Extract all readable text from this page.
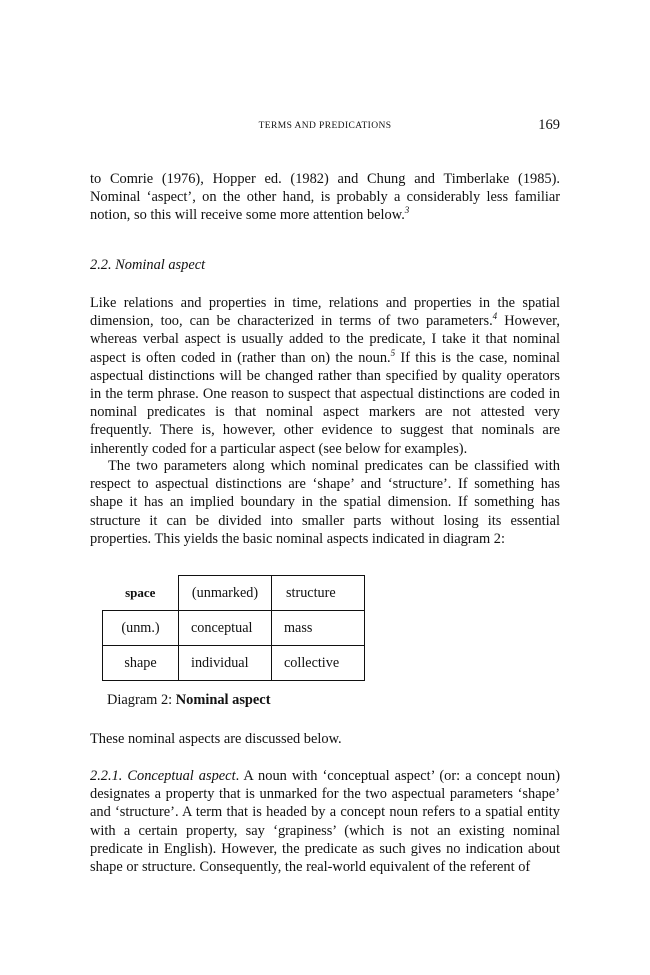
TERMS AND PREDICATIONS	169

to Comrie (1976), Hopper ed. (1982) and Chung and Timberlake (1985). Nominal ‘aspect’, on the other hand, is probably a considerably less familiar notion, so this will receive some more attention below.$^3$

2.2. Nominal aspect

Like relations and properties in time, relations and properties in the spatial dimension, too, can be characterized in terms of two parameters.$^4$ However, whereas verbal aspect is usually added to the predicate, I take it that nominal aspect is often coded in (rather than on) the noun.$^5$ If this is the case, nominal aspectual distinctions will be changed rather than specified by quality operators in the term phrase. One reason to suspect that aspectual distinctions are coded in nominal predicates is that nominal aspect markers are not attested very frequently. There is, however, other evidence to suggest that nominals are inherently coded for a particular aspect (see below for examples).

The two parameters along which nominal predicates can be classified with respect to aspectual distinctions are ‘shape’ and ‘structure’. If something has shape it has an implied boundary in the spatial dimension. If something has structure it can be divided into smaller parts without losing its essential properties. This yields the basic nominal aspects indicated in diagram 2:

space	(unmarked)	structure
(unm.)	conceptual	mass
shape	individual	collective
Diagram 2: Nominal aspect

These nominal aspects are discussed below.

2.2.1. Conceptual aspect. A noun with ‘conceptual aspect’ (or: a concept noun) designates a property that is unmarked for the two aspectual parameters ‘shape’ and ‘structure’. A term that is headed by a concept noun refers to a spatial entity with a certain property, say ‘grapiness’ (which is not an existing nominal predicate in English). However, the predicate as such gives no indication about shape or structure. Consequently, the real-world equivalent of the referent of
